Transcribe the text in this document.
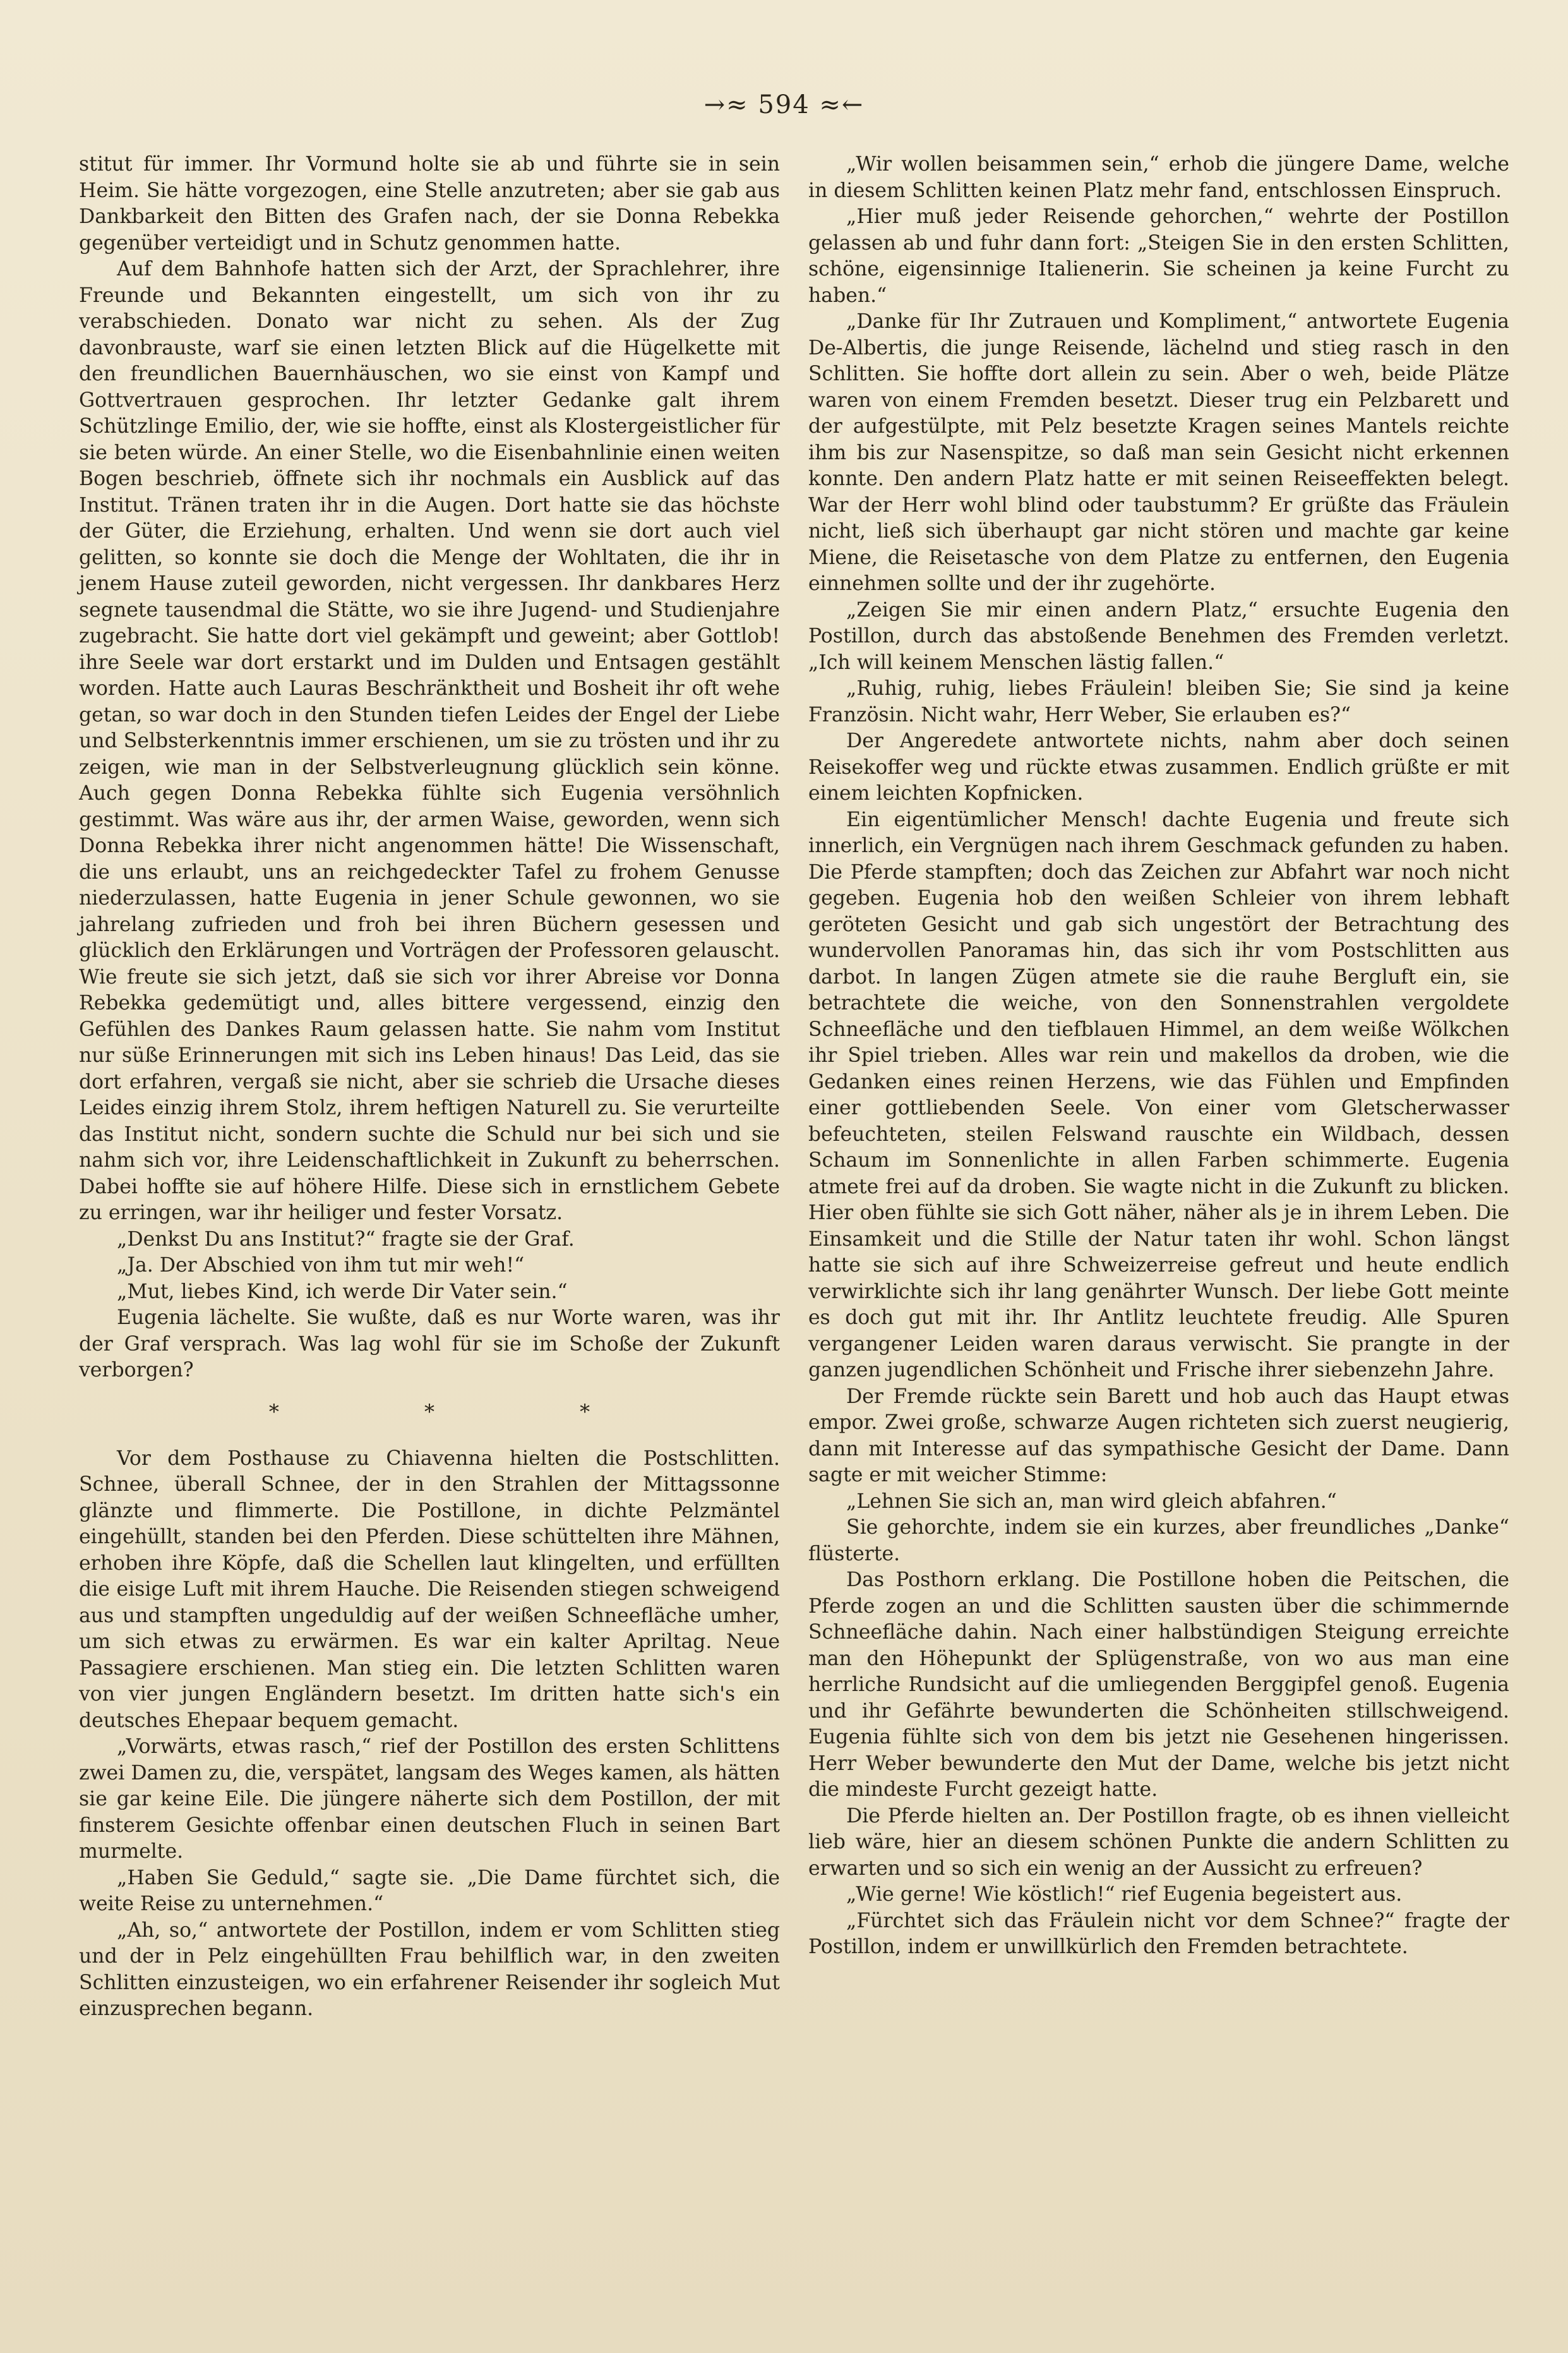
→≈ 594 ≈←

stitut für immer. Ihr Vormund holte sie ab und führte sie in sein Heim. Sie hätte vorgezogen, eine Stelle anzutreten; aber sie gab aus Dankbarkeit den Bitten des Grafen nach, der sie Donna Rebekka gegenüber verteidigt und in Schutz genommen hatte.

Auf dem Bahnhofe hatten sich der Arzt, der Sprachlehrer, ihre Freunde und Bekannten eingestellt, um sich von ihr zu verabschieden. Donato war nicht zu sehen. Als der Zug davonbrauste, warf sie einen letzten Blick auf die Hügelkette mit den freundlichen Bauernhäuschen, wo sie einst von Kampf und Gottvertrauen gesprochen. Ihr letzter Gedanke galt ihrem Schützlinge Emilio, der, wie sie hoffte, einst als Klostergeistlicher für sie beten würde. An einer Stelle, wo die Eisenbahnlinie einen weiten Bogen beschrieb, öffnete sich ihr nochmals ein Ausblick auf das Institut. Tränen traten ihr in die Augen. Dort hatte sie das höchste der Güter, die Erziehung, erhalten. Und wenn sie dort auch viel gelitten, so konnte sie doch die Menge der Wohltaten, die ihr in jenem Hause zuteil geworden, nicht vergessen. Ihr dankbares Herz segnete tausendmal die Stätte, wo sie ihre Jugend- und Studienjahre zugebracht. Sie hatte dort viel gekämpft und geweint; aber Gottlob! ihre Seele war dort erstarkt und im Dulden und Entsagen gestählt worden. Hatte auch Lauras Beschränktheit und Bosheit ihr oft wehe getan, so war doch in den Stunden tiefen Leides der Engel der Liebe und Selbsterkenntnis immer erschienen, um sie zu trösten und ihr zu zeigen, wie man in der Selbstverleugnung glücklich sein könne. Auch gegen Donna Rebekka fühlte sich Eugenia versöhnlich gestimmt. Was wäre aus ihr, der armen Waise, geworden, wenn sich Donna Rebekka ihrer nicht angenommen hätte! Die Wissenschaft, die uns erlaubt, uns an reichgedeckter Tafel zu frohem Genusse niederzulassen, hatte Eugenia in jener Schule gewonnen, wo sie jahrelang zufrieden und froh bei ihren Büchern gesessen und glücklich den Erklärungen und Vorträgen der Professoren gelauscht. Wie freute sie sich jetzt, daß sie sich vor ihrer Abreise vor Donna Rebekka gedemütigt und, alles bittere vergessend, einzig den Gefühlen des Dankes Raum gelassen hatte. Sie nahm vom Institut nur süße Erinnerungen mit sich ins Leben hinaus! Das Leid, das sie dort erfahren, vergaß sie nicht, aber sie schrieb die Ursache dieses Leides einzig ihrem Stolz, ihrem heftigen Naturell zu. Sie verurteilte das Institut nicht, sondern suchte die Schuld nur bei sich und sie nahm sich vor, ihre Leidenschaftlichkeit in Zukunft zu beherrschen. Dabei hoffte sie auf höhere Hilfe. Diese sich in ernstlichem Gebete zu erringen, war ihr heiliger und fester Vorsatz.

„Denkst Du ans Institut?“ fragte sie der Graf.

„Ja. Der Abschied von ihm tut mir weh!“

„Mut, liebes Kind, ich werde Dir Vater sein.“

Eugenia lächelte. Sie wußte, daß es nur Worte waren, was ihr der Graf versprach. Was lag wohl für sie im Schoße der Zukunft verborgen?

* * *

Vor dem Posthause zu Chiavenna hielten die Postschlitten. Schnee, überall Schnee, der in den Strahlen der Mittagssonne glänzte und flimmerte. Die Postillone, in dichte Pelzmäntel eingehüllt, standen bei den Pferden. Diese schüttelten ihre Mähnen, erhoben ihre Köpfe, daß die Schellen laut klingelten, und erfüllten die eisige Luft mit ihrem Hauche. Die Reisenden stiegen schweigend aus und stampften ungeduldig auf der weißen Schneefläche umher, um sich etwas zu erwärmen. Es war ein kalter Apriltag. Neue Passagiere erschienen. Man stieg ein. Die letzten Schlitten waren von vier jungen Engländern besetzt. Im dritten hatte sich's ein deutsches Ehepaar bequem gemacht.

„Vorwärts, etwas rasch,“ rief der Postillon des ersten Schlittens zwei Damen zu, die, verspätet, langsam des Weges kamen, als hätten sie gar keine Eile. Die jüngere näherte sich dem Postillon, der mit finsterem Gesichte offenbar einen deutschen Fluch in seinen Bart murmelte.

„Haben Sie Geduld,“ sagte sie. „Die Dame fürchtet sich, die weite Reise zu unternehmen.“

„Ah, so,“ antwortete der Postillon, indem er vom Schlitten stieg und der in Pelz eingehüllten Frau behilflich war, in den zweiten Schlitten einzusteigen, wo ein erfahrener Reisender ihr sogleich Mut einzusprechen begann.

„Wir wollen beisammen sein,“ erhob die jüngere Dame, welche in diesem Schlitten keinen Platz mehr fand, entschlossen Einspruch.

„Hier muß jeder Reisende gehorchen,“ wehrte der Postillon gelassen ab und fuhr dann fort: „Steigen Sie in den ersten Schlitten, schöne, eigensinnige Italienerin. Sie scheinen ja keine Furcht zu haben.“

„Danke für Ihr Zutrauen und Kompliment,“ antwortete Eugenia De-Albertis, die junge Reisende, lächelnd und stieg rasch in den Schlitten. Sie hoffte dort allein zu sein. Aber o weh, beide Plätze waren von einem Fremden besetzt. Dieser trug ein Pelzbarett und der aufgestülpte, mit Pelz besetzte Kragen seines Mantels reichte ihm bis zur Nasenspitze, so daß man sein Gesicht nicht erkennen konnte. Den andern Platz hatte er mit seinen Reiseeffekten belegt. War der Herr wohl blind oder taubstumm? Er grüßte das Fräulein nicht, ließ sich überhaupt gar nicht stören und machte gar keine Miene, die Reisetasche von dem Platze zu entfernen, den Eugenia einnehmen sollte und der ihr zugehörte.

„Zeigen Sie mir einen andern Platz,“ ersuchte Eugenia den Postillon, durch das abstoßende Benehmen des Fremden verletzt. „Ich will keinem Menschen lästig fallen.“

„Ruhig, ruhig, liebes Fräulein! bleiben Sie; Sie sind ja keine Französin. Nicht wahr, Herr Weber, Sie erlauben es?“

Der Angeredete antwortete nichts, nahm aber doch seinen Reisekoffer weg und rückte etwas zusammen. Endlich grüßte er mit einem leichten Kopfnicken.

Ein eigentümlicher Mensch! dachte Eugenia und freute sich innerlich, ein Vergnügen nach ihrem Geschmack gefunden zu haben. Die Pferde stampften; doch das Zeichen zur Abfahrt war noch nicht gegeben. Eugenia hob den weißen Schleier von ihrem lebhaft geröteten Gesicht und gab sich ungestört der Betrachtung des wundervollen Panoramas hin, das sich ihr vom Postschlitten aus darbot. In langen Zügen atmete sie die rauhe Bergluft ein, sie betrachtete die weiche, von den Sonnenstrahlen vergoldete Schneefläche und den tiefblauen Himmel, an dem weiße Wölkchen ihr Spiel trieben. Alles war rein und makellos da droben, wie die Gedanken eines reinen Herzens, wie das Fühlen und Empfinden einer gottliebenden Seele. Von einer vom Gletscherwasser befeuchteten, steilen Felswand rauschte ein Wildbach, dessen Schaum im Sonnenlichte in allen Farben schimmerte. Eugenia atmete frei auf da droben. Sie wagte nicht in die Zukunft zu blicken. Hier oben fühlte sie sich Gott näher, näher als je in ihrem Leben. Die Einsamkeit und die Stille der Natur taten ihr wohl. Schon längst hatte sie sich auf ihre Schweizerreise gefreut und heute endlich verwirklichte sich ihr lang genährter Wunsch. Der liebe Gott meinte es doch gut mit ihr. Ihr Antlitz leuchtete freudig. Alle Spuren vergangener Leiden waren daraus verwischt. Sie prangte in der ganzen jugendlichen Schönheit und Frische ihrer siebenzehn Jahre.

Der Fremde rückte sein Barett und hob auch das Haupt etwas empor. Zwei große, schwarze Augen richteten sich zuerst neugierig, dann mit Interesse auf das sympathische Gesicht der Dame. Dann sagte er mit weicher Stimme:

„Lehnen Sie sich an, man wird gleich abfahren.“

Sie gehorchte, indem sie ein kurzes, aber freundliches „Danke“ flüsterte.

Das Posthorn erklang. Die Postillone hoben die Peitschen, die Pferde zogen an und die Schlitten sausten über die schimmernde Schneefläche dahin. Nach einer halbstündigen Steigung erreichte man den Höhepunkt der Splügenstraße, von wo aus man eine herrliche Rundsicht auf die umliegenden Berggipfel genoß. Eugenia und ihr Gefährte bewunderten die Schönheiten stillschweigend. Eugenia fühlte sich von dem bis jetzt nie Gesehenen hingerissen. Herr Weber bewunderte den Mut der Dame, welche bis jetzt nicht die mindeste Furcht gezeigt hatte.

Die Pferde hielten an. Der Postillon fragte, ob es ihnen vielleicht lieb wäre, hier an diesem schönen Punkte die andern Schlitten zu erwarten und so sich ein wenig an der Aussicht zu erfreuen?

„Wie gerne! Wie köstlich!“ rief Eugenia begeistert aus.

„Fürchtet sich das Fräulein nicht vor dem Schnee?“ fragte der Postillon, indem er unwillkürlich den Fremden betrachtete.
